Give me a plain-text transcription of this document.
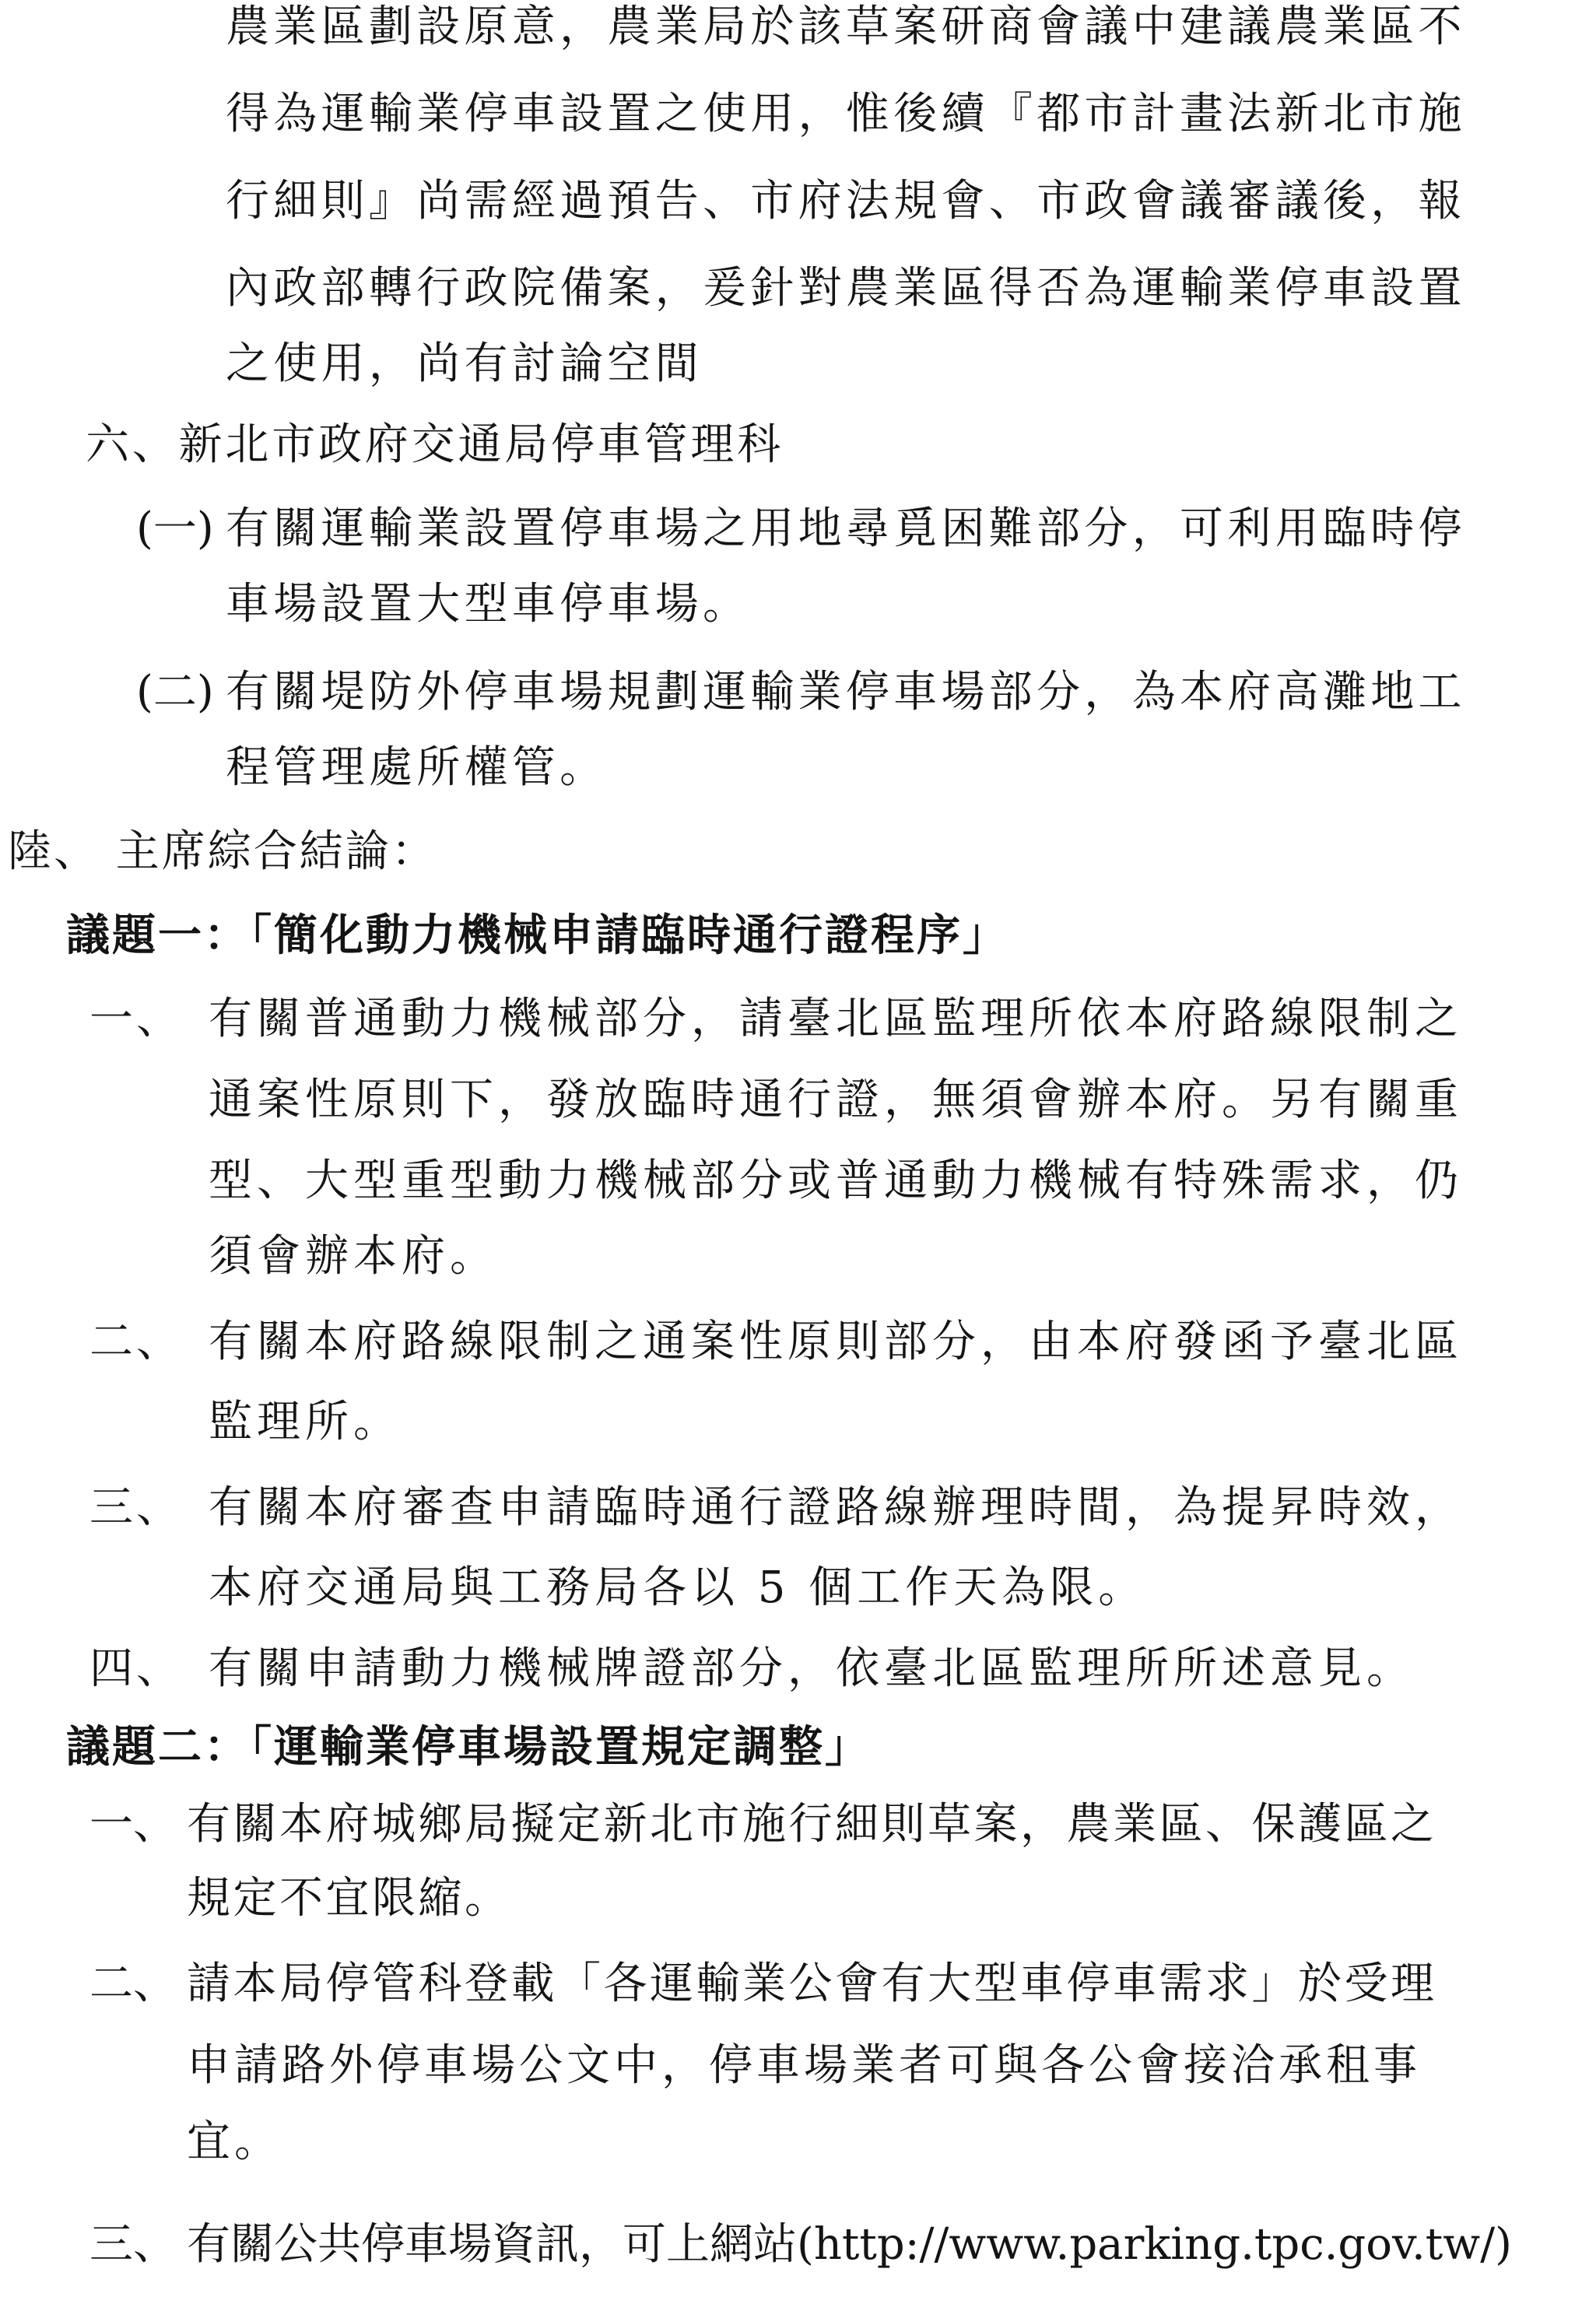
農業區劃設原意，農業局於該草案研商會議中建議農業區不
得為運輸業停車設置之使用，惟後續『都市計畫法新北市施
行細則』尚需經過預告、市府法規會、市政會議審議後，報
內政部轉行政院備案，爰針對農業區得否為運輸業停車設置
之使用，尚有討論空間
六、新北市政府交通局停車管理科
(一) 有關運輸業設置停車場之用地尋覓困難部分，可利用臨時停
車場設置大型車停車場。
(二) 有關堤防外停車場規劃運輸業停車場部分，為本府高灘地工
程管理處所權管。
陸、 主席綜合結論：
議題一：「簡化動力機械申請臨時通行證程序」
一、 有關普通動力機械部分，請臺北區監理所依本府路線限制之
通案性原則下，發放臨時通行證，無須會辦本府。另有關重
型、大型重型動力機械部分或普通動力機械有特殊需求，仍
須會辦本府。
二、 有關本府路線限制之通案性原則部分，由本府發函予臺北區
監理所。
三、 有關本府審查申請臨時通行證路線辦理時間，為提昇時效，
本府交通局與工務局各以 5 個工作天為限。
四、 有關申請動力機械牌證部分，依臺北區監理所所述意見。
議題二：「運輸業停車場設置規定調整」
一、 有關本府城鄉局擬定新北市施行細則草案，農業區、保護區之
規定不宜限縮。
二、 請本局停管科登載「各運輸業公會有大型車停車需求」於受理
申請路外停車場公文中，停車場業者可與各公會接洽承租事
宜。
三、 有關公共停車場資訊，可上網站(http://www.parking.tpc.gov.tw/)
